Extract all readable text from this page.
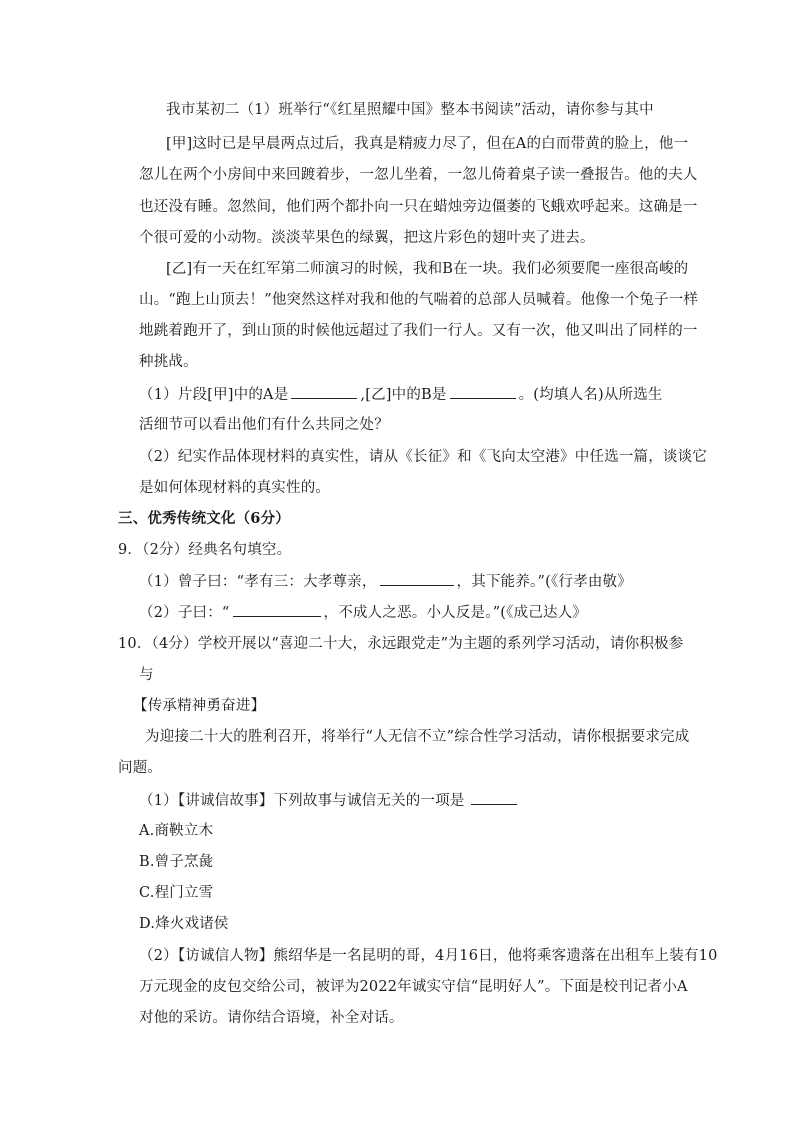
我市某初二（1）班举行“《红星照耀中国》整本书阅读”活动，请你参与其中
[甲]这时已是早晨两点过后，我真是精疲力尽了，但在A的白而带黄的脸上，他一
忽儿在两个小房间中来回踱着步，一忽儿坐着，一忽儿倚着桌子读一叠报告。他的夫人
也还没有睡。忽然间，他们两个都扑向一只在蜡烛旁边僵萎的飞蛾欢呼起来。这确是一
个很可爱的小动物。淡淡苹果色的绿翼，把这片彩色的翅叶夹了进去。
[乙]有一天在红军第二师演习的时候，我和B在一块。我们必须要爬一座很高峻的
山。“跑上山顶去！”他突然这样对我和他的气喘着的总部人员喊着。他像一个兔子一样
地跳着跑开了，到山顶的时候他远超过了我们一行人。又有一次，他又叫出了同样的一
种挑战。
（1）片段[甲]中的A是	,[乙]中的B是	。(均填人名)从所选生
活细节可以看出他们有什么共同之处？
（2）纪实作品体现材料的真实性，请从《长征》和《飞向太空港》中任选一篇，谈谈它
是如何体现材料的真实性的。
三、优秀传统文化（6分）
9．（2分）经典名句填空。
（1）曾子曰：“孝有三：大孝尊亲，	，其下能养。”(《行孝由敬》
（2）子曰：“	，不成人之恶。小人反是。”(《成己达人》
10．（4分）学校开展以“喜迎二十大，永远跟党走”为主题的系列学习活动，请你积极参
与
【传承精神勇奋进】
为迎接二十大的胜利召开，将举行“人无信不立”综合性学习活动，请你根据要求完成
问题。
（1）【讲诚信故事】下列故事与诚信无关的一项是
A.商鞅立木
B.曾子烹彘
C.程门立雪
D.烽火戏诸侯
（2）【访诚信人物】熊绍华是一名昆明的哥，4月16日，他将乘客遗落在出租车上装有10
万元现金的皮包交给公司，被评为2022年诚实守信“昆明好人”。下面是校刊记者小A
对他的采访。请你结合语境，补全对话。
